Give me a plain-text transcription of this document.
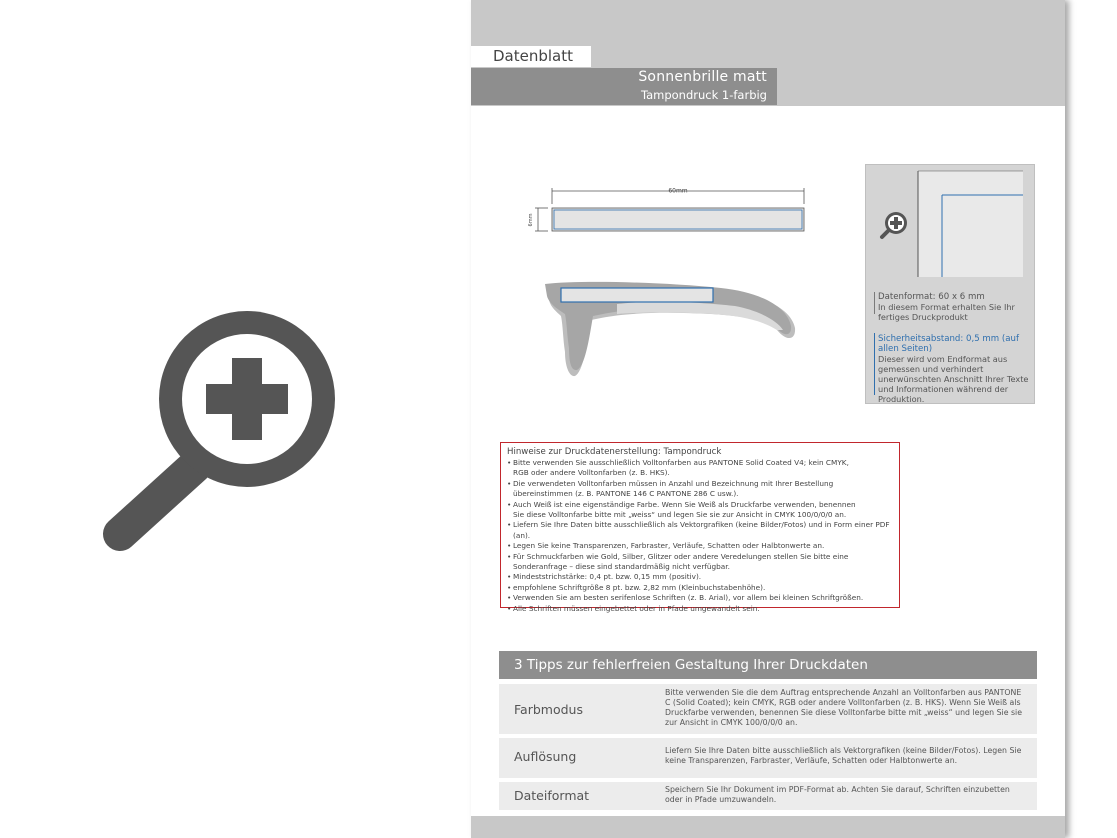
Datenblatt
Sonnenbrille matt
Tampondruck 1-farbig
60mm
6mm
Datenformat: 60 x 6 mm
In diesem Format erhalten Sie Ihr fertiges Druckprodukt
Sicherheitsabstand: 0,5 mm (auf allen Seiten)
Dieser wird vom Endformat aus gemessen und verhindert unerwünschten Anschnitt Ihrer Texte und Informationen während der Produktion.
Hinweise zur Druckdatenerstellung: Tampondruck
• Bitte verwenden Sie ausschließlich Volltonfarben aus PANTONE Solid Coated V4; kein CMYK,
RGB oder andere Volltonfarben (z. B. HKS).
• Die verwendeten Volltonfarben müssen in Anzahl und Bezeichnung mit Ihrer Bestellung
übereinstimmen (z. B. PANTONE 146 C PANTONE 286 C usw.).
• Auch Weiß ist eine eigenständige Farbe. Wenn Sie Weiß als Druckfarbe verwenden, benennen
Sie diese Volltonfarbe bitte mit „weiss“ und legen Sie sie zur Ansicht in CMYK 100/0/0/0 an.
• Liefern Sie Ihre Daten bitte ausschließlich als Vektorgrafiken (keine Bilder/Fotos) und in Form einer PDF (an).
• Legen Sie keine Transparenzen, Farbraster, Verläufe, Schatten oder Halbtonwerte an.
• Für Schmuckfarben wie Gold, Silber, Glitzer oder andere Veredelungen stellen Sie bitte eine
Sonderanfrage – diese sind standardmäßig nicht verfügbar.
• Mindeststrichstärke: 0,4 pt. bzw. 0,15 mm (positiv).
• empfohlene Schriftgröße 8 pt. bzw. 2,82 mm (Kleinbuchstabenhöhe).
• Verwenden Sie am besten serifenlose Schriften (z. B. Arial), vor allem bei kleinen Schriftgrößen.
• Alle Schriften müssen eingebettet oder in Pfade umgewandelt sein.
3 Tipps zur fehlerfreien Gestaltung Ihrer Druckdaten
Farbmodus
Bitte verwenden Sie die dem Auftrag entsprechende Anzahl an Volltonfarben aus PANTONE C (Solid Coated); kein CMYK, RGB oder andere Volltonfarben (z. B. HKS). Wenn Sie Weiß als Druckfarbe verwenden, benennen Sie diese Volltonfarbe bitte mit „weiss“ und legen Sie sie zur Ansicht in CMYK 100/0/0/0 an.
Auflösung	Liefern Sie Ihre Daten bitte ausschließlich als Vektorgrafiken (keine Bilder/Fotos). Legen Sie keine Transparenzen, Farbraster, Verläufe, Schatten oder Halbtonwerte an.
Dateiformat	Speichern Sie Ihr Dokument im PDF-Format ab. Achten Sie darauf, Schriften einzubetten oder in Pfade umzuwandeln.
